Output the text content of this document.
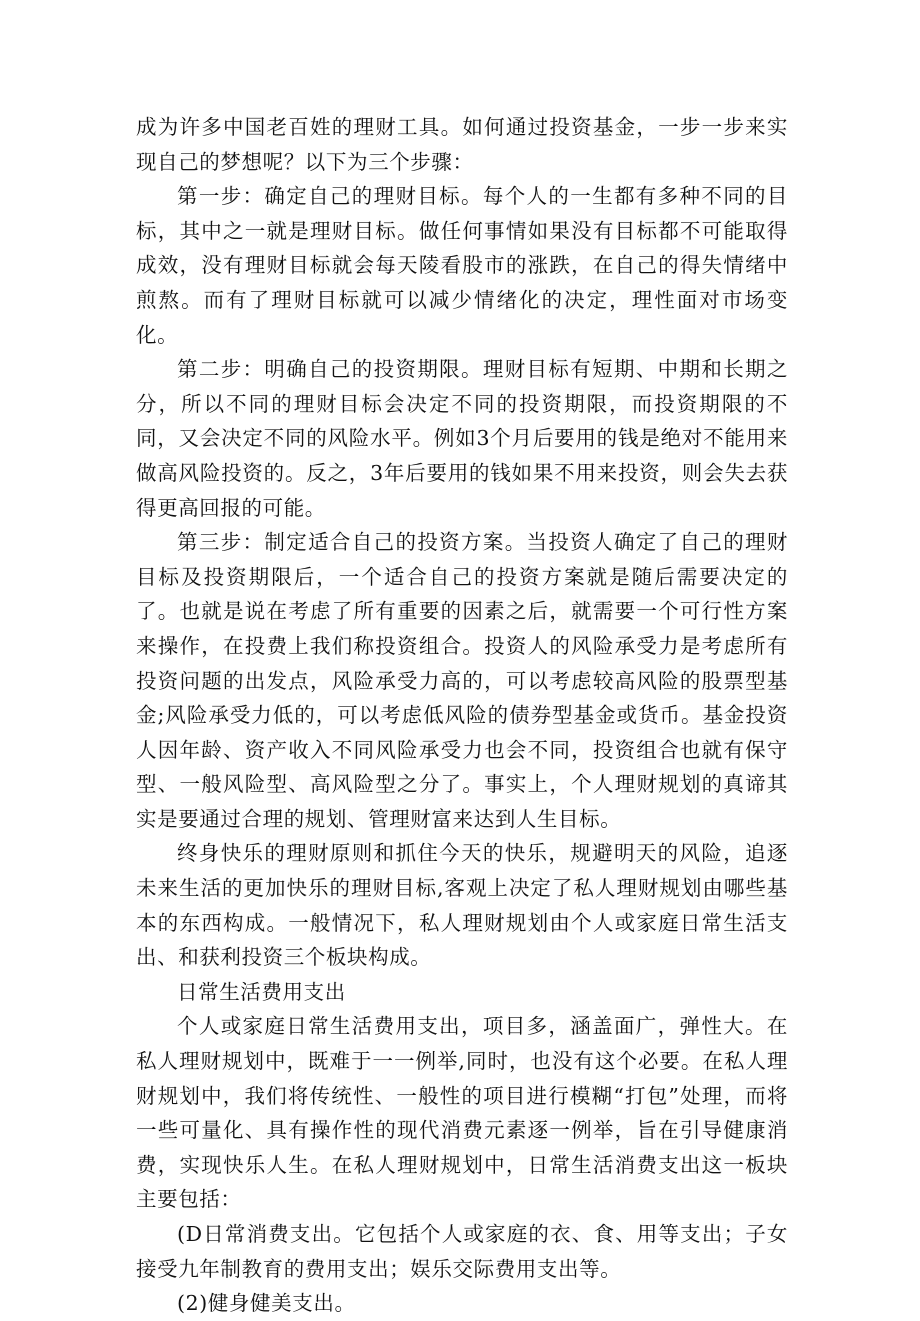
成为许多中国老百姓的理财工具。如何通过投资基金，一步一步来实现自己的梦想呢？以下为三个步骤：

第一步：确定自己的理财目标。每个人的一生都有多种不同的目标，其中之一就是理财目标。做任何事情如果没有目标都不可能取得成效，没有理财目标就会每天陵看股市的涨跌，在自己的得失情绪中煎熬。而有了理财目标就可以减少情绪化的决定，理性面对市场变化。

第二步：明确自己的投资期限。理财目标有短期、中期和长期之分，所以不同的理财目标会决定不同的投资期限，而投资期限的不同，又会决定不同的风险水平。例如3个月后要用的钱是绝对不能用来做高风险投资的。反之，3年后要用的钱如果不用来投资，则会失去获得更高回报的可能。

第三步：制定适合自己的投资方案。当投资人确定了自己的理财目标及投资期限后，一个适合自己的投资方案就是随后需要决定的了。也就是说在考虑了所有重要的因素之后，就需要一个可行性方案来操作，在投费上我们称投资组合。投资人的风险承受力是考虑所有投资问题的出发点，风险承受力高的，可以考虑较高风险的股票型基金;风险承受力低的，可以考虑低风险的债券型基金或货币。基金投资人因年龄、资产收入不同风险承受力也会不同，投资组合也就有保守型、一般风险型、高风险型之分了。事实上，个人理财规划的真谛其实是要通过合理的规划、管理财富来达到人生目标。

终身快乐的理财原则和抓住今天的快乐，规避明天的风险，追逐未来生活的更加快乐的理财目标,客观上决定了私人理财规划由哪些基本的东西构成。一般情况下，私人理财规划由个人或家庭日常生活支出、和获利投资三个板块构成。

日常生活费用支出

个人或家庭日常生活费用支出，项目多，涵盖面广，弹性大。在私人理财规划中，既难于一一例举,同时，也没有这个必要。在私人理财规划中，我们将传统性、一般性的项目进行模糊“打包”处理，而将一些可量化、具有操作性的现代消费元素逐一例举，旨在引导健康消费，实现快乐人生。在私人理财规划中，日常生活消费支出这一板块主要包括：

(D日常消费支出。它包括个人或家庭的衣、食、用等支出；子女接受九年制教育的费用支出；娱乐交际费用支出等。

(2)健身健美支出。
